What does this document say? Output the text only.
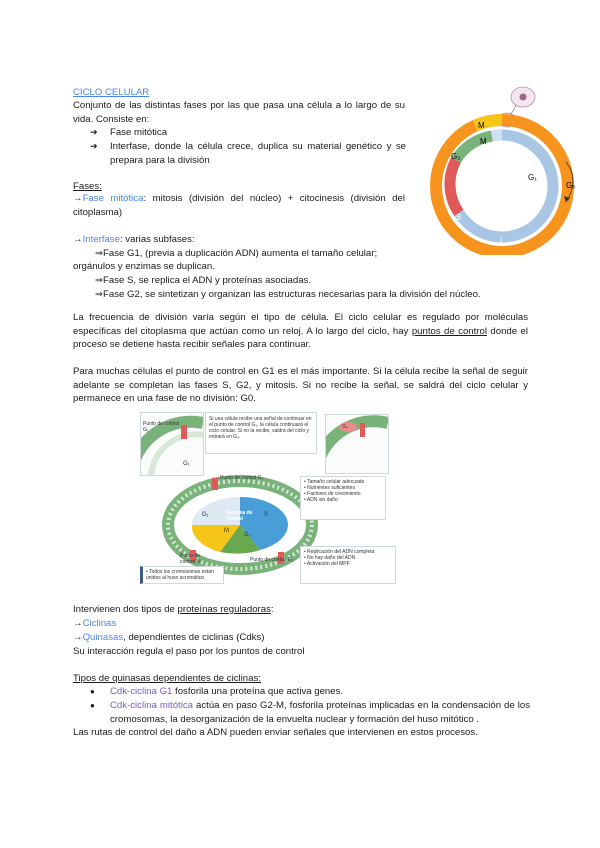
CICLO CELULAR
Conjunto de las distintas fases por las que pasa una célula a lo largo de su vida. Consiste en:
➔ Fase mitótica
➔ Interfase, donde la célula crece, duplica su material genético y se prepara para la división
M
M
G₂
G₁
S
I
G₀
Fases:
→Fase mitótica: mitosis (división del núcleo) + citocinesis (división del citoplasma)
→Interfase: varias subfases:
⇒Fase G1, (previa a duplicación ADN) aumenta el tamaño celular;
orgánulos y enzimas se duplican.
⇒Fase S, se replica el ADN y proteínas asociadas.
⇒Fase G2, se sintetizan y organizan las estructuras necesarias para la división del núcleo.
La frecuencia de división varía según el tipo de célula. El ciclo celular es regulado por moléculas específicas del citoplasma que actúan como un reloj. A lo largo del ciclo, hay puntos de control donde el proceso se detiene hasta recibir señales para continuar.
Para muchas células el punto de control en G1 es el más importante. Si la célula recibe la señal de seguir adelante se completan las fases S, G2, y mitosis. Si no recibe la señal, se saldrá del ciclo celular y permanece en una fase de no división: G0.
Punto de control G₁
G₁
Si una célula recibe una señal de continuar en el punto de control G₁, la célula continuará el ciclo celular. Si no la recibe, saldrá del ciclo y entrará en G₀.
G₀
Punto de control G₁
G₁	Sistema de control
S
G₂
M
Punto de control M	Punto de control G₂
• Tamaño celular adecuado
• Nutrientes suficientes
• Factores de crecimiento
• ADN sin daño
• Replicación del ADN completa
• No hay daño del ADN
• Activación del MPF
• Todos los cromosomas están unidos al huso acromático
Intervienen dos tipos de proteínas reguladoras:
→Ciclinas
→Quinasas, dependientes de ciclinas (Cdks)
Su interacción regula el paso por los puntos de control
Tipos de quinasas dependientes de ciclinas:
● Cdk-ciclina G1 fosforila una proteína que activa genes.
● Cdk-ciclina mitótica actúa en paso G2-M, fosforila proteínas implicadas en la condensación de los cromosomas, la desorganización de la envuelta nuclear y formación del huso mitótico .
Las rutas de control del daño a ADN pueden enviar señales que intervienen en estos procesos.
